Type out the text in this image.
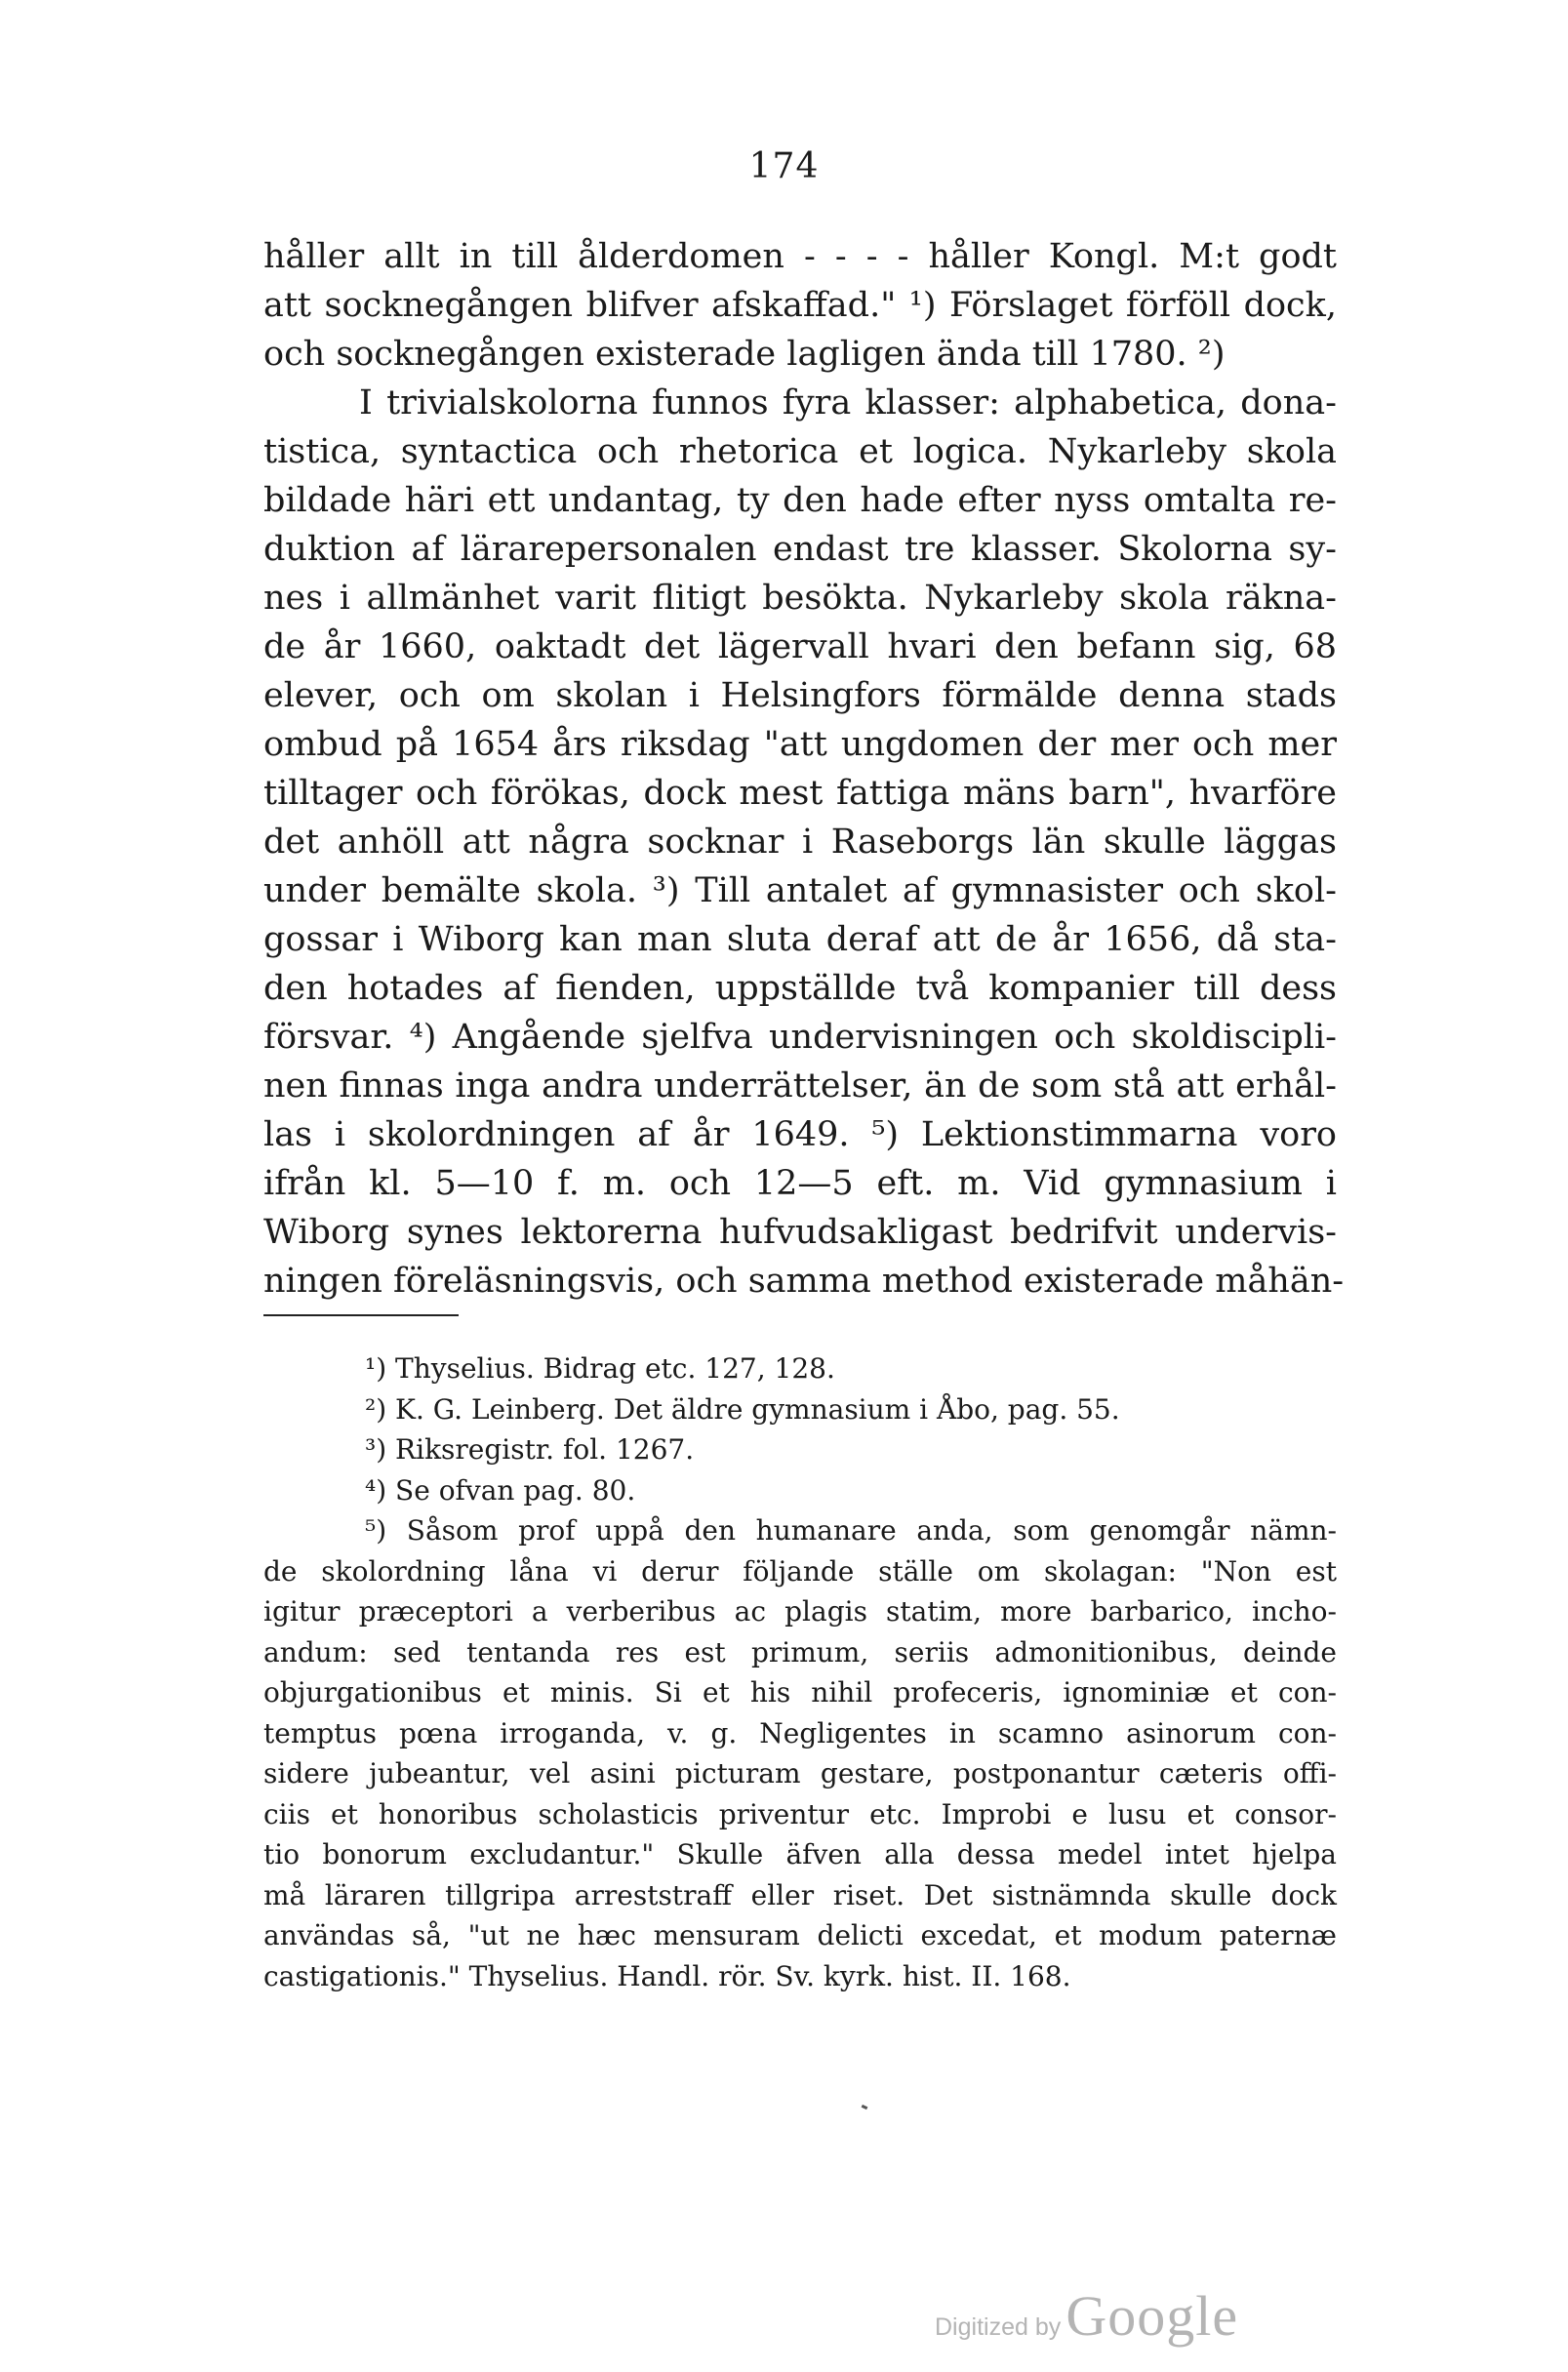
174
håller allt in till ålderdomen - - - - håller Kongl. M:t godt
att socknegången blifver afskaffad." ¹) Förslaget förföll dock,
och socknegången existerade lagligen ända till 1780. ²)
I trivialskolorna funnos fyra klasser: alphabetica, dona-
tistica, syntactica och rhetorica et logica. Nykarleby skola
bildade häri ett undantag, ty den hade efter nyss omtalta re-
duktion af lärarepersonalen endast tre klasser. Skolorna sy-
nes i allmänhet varit flitigt besökta. Nykarleby skola räkna-
de år 1660, oaktadt det lägervall hvari den befann sig, 68
elever, och om skolan i Helsingfors förmälde denna stads
ombud på 1654 års riksdag "att ungdomen der mer och mer
tilltager och förökas, dock mest fattiga mäns barn", hvarföre
det anhöll att några socknar i Raseborgs län skulle läggas
under bemälte skola. ³) Till antalet af gymnasister och skol-
gossar i Wiborg kan man sluta deraf att de år 1656, då sta-
den hotades af fienden, uppställde två kompanier till dess
försvar. ⁴) Angående sjelfva undervisningen och skoldiscipli-
nen finnas inga andra underrättelser, än de som stå att erhål-
las i skolordningen af år 1649. ⁵) Lektionstimmarna voro
ifrån kl. 5—10 f. m. och 12—5 eft. m. Vid gymnasium i
Wiborg synes lektorerna hufvudsakligast bedrifvit undervis-
ningen föreläsningsvis, och samma method existerade måhän-
¹) Thyselius. Bidrag etc. 127, 128.
²) K. G. Leinberg. Det äldre gymnasium i Åbo, pag. 55.
³) Riksregistr. fol. 1267.
⁴) Se ofvan pag. 80.
⁵) Såsom prof uppå den humanare anda, som genomgår nämn-
de skolordning låna vi derur följande ställe om skolagan: "Non est
igitur præceptori a verberibus ac plagis statim, more barbarico, incho-
andum: sed tentanda res est primum, seriis admonitionibus, deinde
objurgationibus et minis. Si et his nihil profeceris, ignominiæ et con-
temptus pœna irroganda, v. g. Negligentes in scamno asinorum con-
sidere jubeantur, vel asini picturam gestare, postponantur cæteris offi-
ciis et honoribus scholasticis priventur etc. Improbi e lusu et consor-
tio bonorum excludantur." Skulle äfven alla dessa medel intet hjelpa
må läraren tillgripa arreststraff eller riset. Det sistnämnda skulle dock
användas så, "ut ne hæc mensuram delicti excedat, et modum paternæ
castigationis." Thyselius. Handl. rör. Sv. kyrk. hist. II. 168.
Digitized by Google
